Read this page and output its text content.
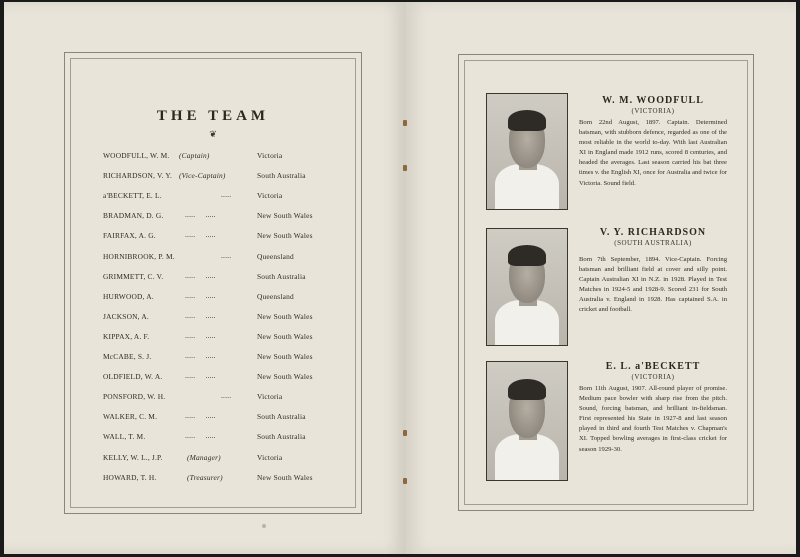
THE TEAM
❦
WOODFULL, W. M. (Captain)	Victoria
RICHARDSON, V. Y. (Vice-Captain)	South Australia
a'BECKETT, E. L.	.....	Victoria
BRADMAN, D. G.	.....     .....	New South Wales
FAIRFAX, A. G.	.....     .....	New South Wales
HORNIBROOK, P. M.	.....	Queensland
GRIMMETT, C. V.	.....     .....	South Australia
HURWOOD, A.	.....     .....	Queensland
JACKSON, A.	.....     .....	New South Wales
KIPPAX, A. F.	.....     .....	New South Wales
McCABE, S. J.	.....     .....	New South Wales
OLDFIELD, W. A.	.....     .....	New South Wales
PONSFORD, W. H.	.....	Victoria
WALKER, C. M.	.....     .....	South Australia
WALL, T. M.	.....     .....	South Australia
KELLY, W. L., J.P.	(Manager)	Victoria
HOWARD, T. H.	(Treasurer)	New South Wales
W. M. WOODFULL
(VICTORIA)
Born 22nd August, 1897. Captain. Determined batsman, with stubborn defence, regarded as one of the most reliable in the world to-day. With last Australian XI in England made 1912 runs, scored 8 centuries, and headed the averages. Last season carried his bat three times v. the English XI, once for Australia and twice for Victoria. Sound field.
V. Y. RICHARDSON
(SOUTH AUSTRALIA)
Born 7th September, 1894. Vice-Captain. Forcing batsman and brilliant field at cover and silly point. Captain Australian XI in N.Z. in 1928. Played in Test Matches in 1924-5 and 1928-9. Scored 231 for South Australia v. England in 1928. Has captained S.A. in cricket and football.
E. L. a'BECKETT
(VICTORIA)
Born 11th August, 1907. All-round player of promise. Medium pace bowler with sharp rise from the pitch. Sound, forcing batsman, and brilliant in-fieldsman. First represented his State in 1927-8 and last season played in third and fourth Test Matches v. Chapman's XI. Topped bowling averages in first-class cricket for season 1929-30.
